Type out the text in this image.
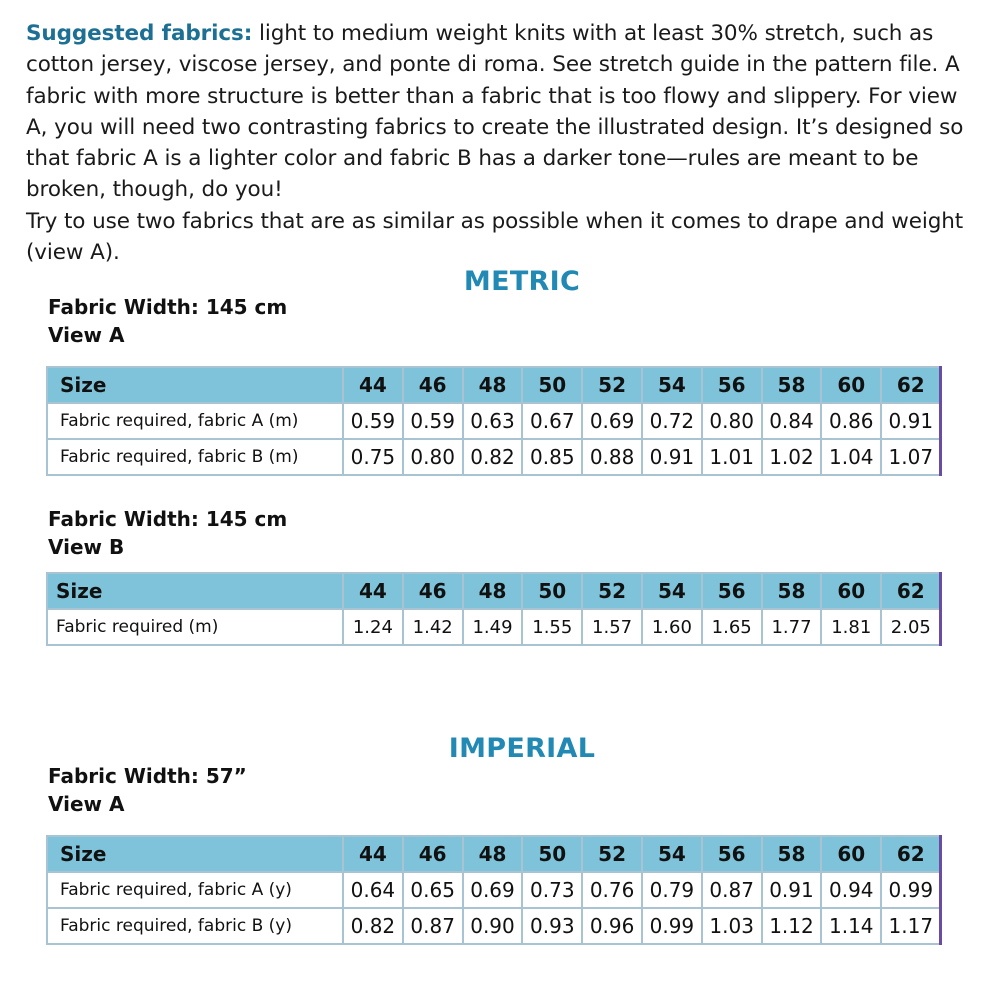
Suggested fabrics: light to medium weight knits with at least 30% stretch, such as cotton jersey, viscose jersey, and ponte di roma. See stretch guide in the pattern file. A fabric with more structure is better than a fabric that is too flowy and slippery. For view A, you will need two contrasting fabrics to create the illustrated design. It’s designed so that fabric A is a lighter color and fabric B has a darker tone—rules are meant to be broken, though, do you!

Try to use two fabrics that are as similar as possible when it comes to drape and weight (view A).

METRIC
Fabric Width: 145 cm
View A
Size	44	46	48	50	52	54	56	58	60	62
Fabric required, fabric A (m)	0.59	0.59	0.63	0.67	0.69	0.72	0.80	0.84	0.86	0.91
Fabric required, fabric B (m)	0.75	0.80	0.82	0.85	0.88	0.91	1.01	1.02	1.04	1.07
Fabric Width: 145 cm
View B
Size	44	46	48	50	52	54	56	58	60	62
Fabric required (m)	1.24	1.42	1.49	1.55	1.57	1.60	1.65	1.77	1.81	2.05
IMPERIAL
Fabric Width: 57”
View A
Size	44	46	48	50	52	54	56	58	60	62
Fabric required, fabric A (y)	0.64	0.65	0.69	0.73	0.76	0.79	0.87	0.91	0.94	0.99
Fabric required, fabric B (y)	0.82	0.87	0.90	0.93	0.96	0.99	1.03	1.12	1.14	1.17
